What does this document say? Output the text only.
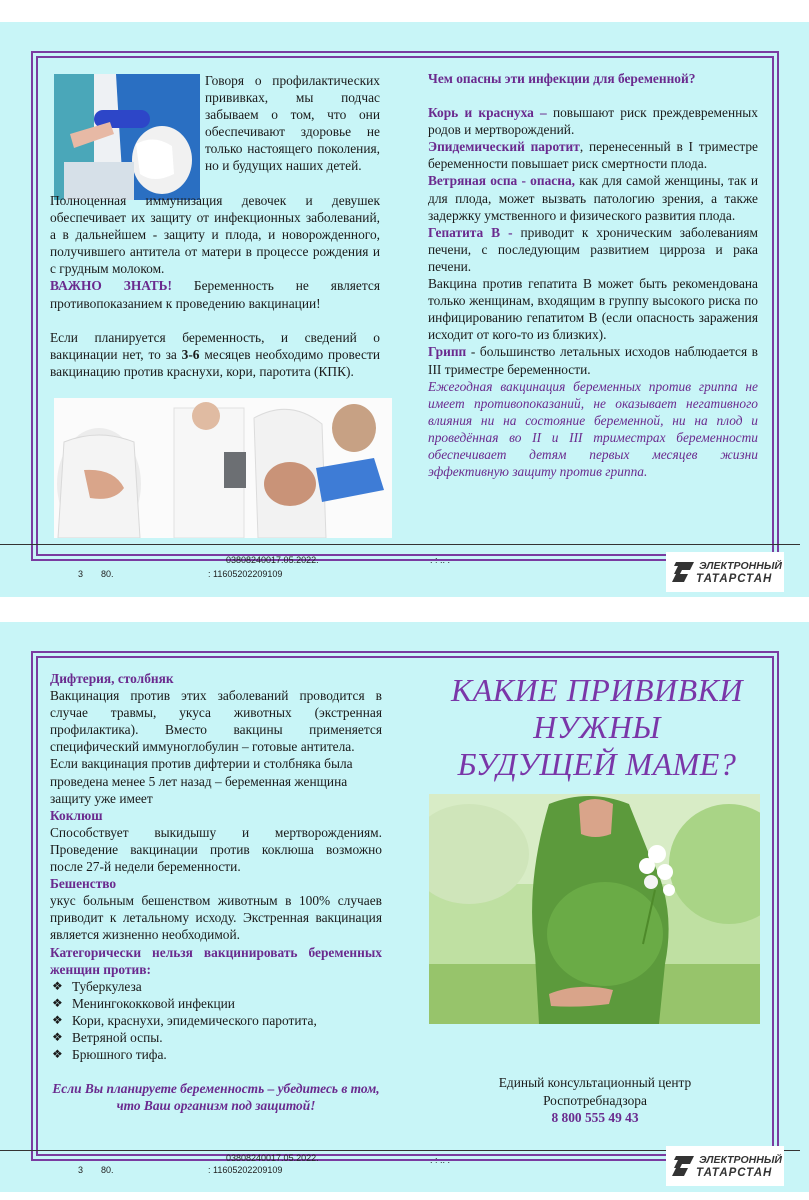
Говоря о профилактических прививках, мы подчас забываем о том, что они обеспечивают здоровье не только настоящего поколения, но и будущих наших детей.

Полноценная иммунизация девочек и девушек обеспечивает их защиту от инфекционных заболеваний, а в дальнейшем - защиту и плода, и новорожденного, получившего антитела от матери в процессе рождения и с грудным молоком.

ВАЖНО ЗНАТЬ! Беременность не является противопоказанием к проведению вакцинации!

Если планируется беременность, и сведений о вакцинации нет, то за 3-6 месяцев необходимо провести вакцинацию против краснухи, кори, паротита (КПК).

Чем опасны эти инфекции для беременной?

Корь и краснуха – повышают риск преждевременных родов и мертворождений.

Эпидемический паротит, перенесенный в I триместре беременности повышает риск смертности плода.

Ветряная оспа - опасна, как для самой женщины, так и для плода, может вызвать патологию зрения, а также задержку умственного и физического развития плода.

Гепатита В - приводит к хроническим заболеваниям печени, с последующим развитием цирроза и рака печени.

Вакцина против гепатита В может быть рекомендована только женщинам, входящим в группу высокого риска по инфицированию гепатитом В (если опасность заражения исходит от кого-то из близких).

Грипп - большинство летальных исходов наблюдается в III триместре беременности.

Ежегодная вакцинация беременных против гриппа не имеет противопоказаний, не оказывает негативного влияния ни на состояние беременной, ни на плод и проведённая во II и III триместрах беременности обеспечивает детям первых месяцев жизни эффективную защиту против гриппа.

03808240017.05.2022.	. : .. .
3 80.	: 11605202209109
ЭЛЕКТРОННЫЙ
ТАТАРСТАН

Дифтерия, столбняк

Вакцинация против этих заболеваний проводится в случае травмы, укуса животных (экстренная профилактика). Вместо вакцины применяется специфический иммуноглобулин – готовые антитела.

Если вакцинация против дифтерии и столбняка была проведена менее 5 лет назад – беременная женщина защиту уже имеет

Коклюш

Способствует выкидышу и мертворождениям. Проведение вакцинации против коклюша возможно после 27-й недели беременности.

Бешенство

укус больным бешенством животным в 100% случаев приводит к летальному исходу. Экстренная вакцинация является жизненно необходимой.

Категорически нельзя вакцинировать беременных женщин против:

❖ Туберкулеза
❖ Менингококковой инфекции
❖ Кори, краснухи, эпидемического паротита,
❖ Ветряной оспы.
❖ Брюшного тифа.

Если Вы планируете беременность – убедитесь в том, что Ваш организм под защитой!

КАКИЕ ПРИВИВКИ
НУЖНЫ
БУДУЩЕЙ МАМЕ?
Единый консультационный центр
Роспотребнадзора
8 800 555 49 43
03808240017.05.2022.	. : .. .
3 80.	: 11605202209109
ЭЛЕКТРОННЫЙ
ТАТАРСТАН
